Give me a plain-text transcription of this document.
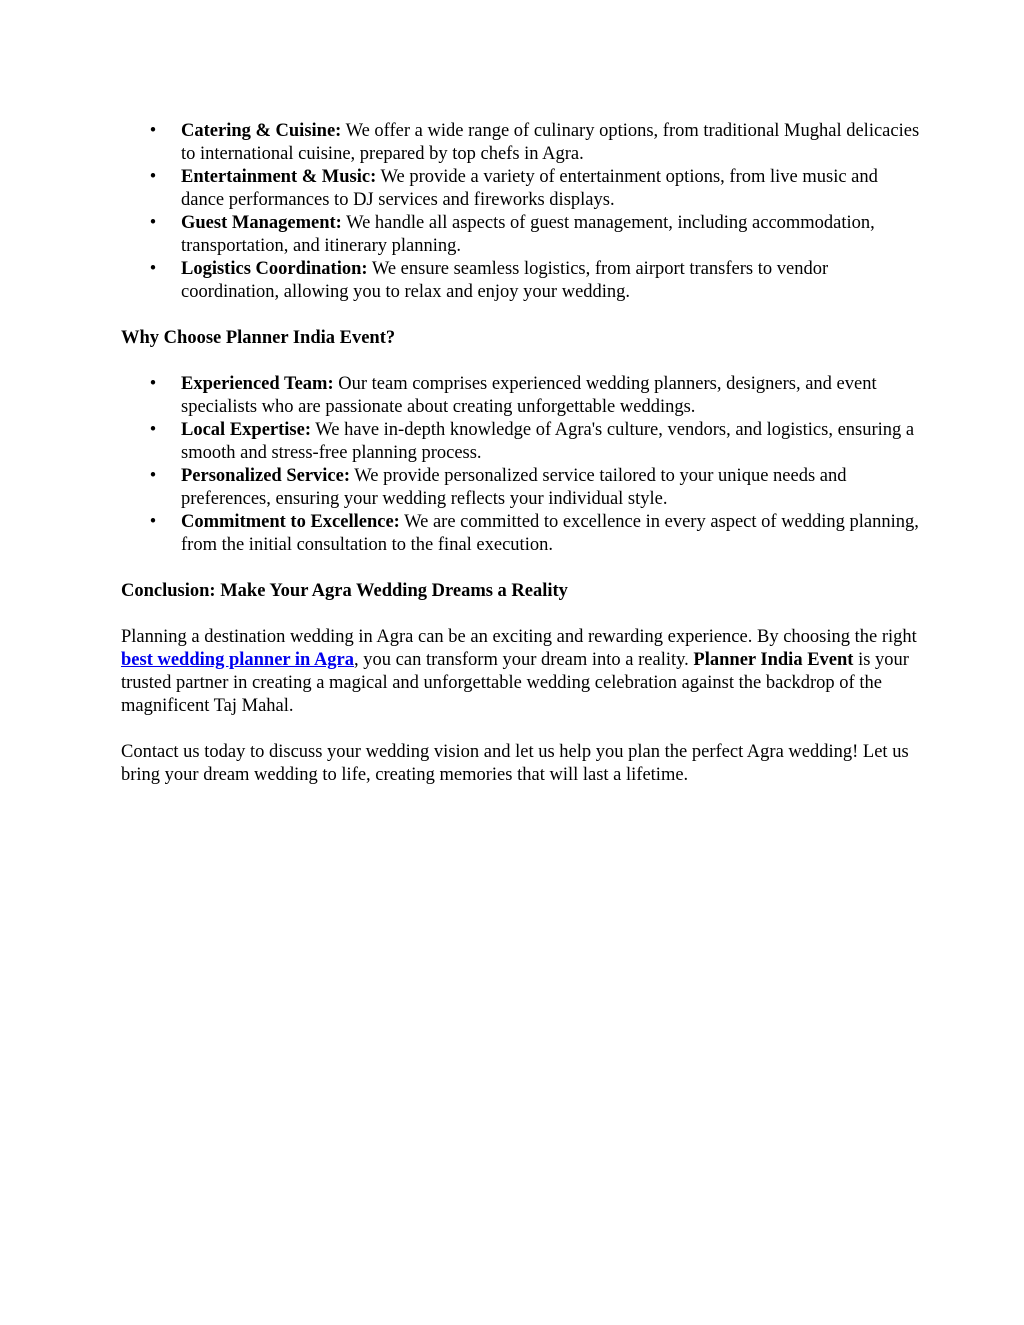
• Catering & Cuisine: We offer a wide range of culinary options, from traditional Mughal delicacies to international cuisine, prepared by top chefs in Agra.
• Entertainment & Music: We provide a variety of entertainment options, from live music and dance performances to DJ services and fireworks displays.
• Guest Management: We handle all aspects of guest management, including accommodation, transportation, and itinerary planning.
• Logistics Coordination: We ensure seamless logistics, from airport transfers to vendor coordination, allowing you to relax and enjoy your wedding.
Why Choose Planner India Event?
• Experienced Team: Our team comprises experienced wedding planners, designers, and event specialists who are passionate about creating unforgettable weddings.
• Local Expertise: We have in-depth knowledge of Agra's culture, vendors, and logistics, ensuring a smooth and stress-free planning process.
• Personalized Service: We provide personalized service tailored to your unique needs and preferences, ensuring your wedding reflects your individual style.
• Commitment to Excellence: We are committed to excellence in every aspect of wedding planning, from the initial consultation to the final execution.
Conclusion: Make Your Agra Wedding Dreams a Reality

Planning a destination wedding in Agra can be an exciting and rewarding experience. By choosing the right best wedding planner in Agra, you can transform your dream into a reality. Planner India Event is your trusted partner in creating a magical and unforgettable wedding celebration against the backdrop of the magnificent Taj Mahal.

Contact us today to discuss your wedding vision and let us help you plan the perfect Agra wedding! Let us bring your dream wedding to life, creating memories that will last a lifetime.
